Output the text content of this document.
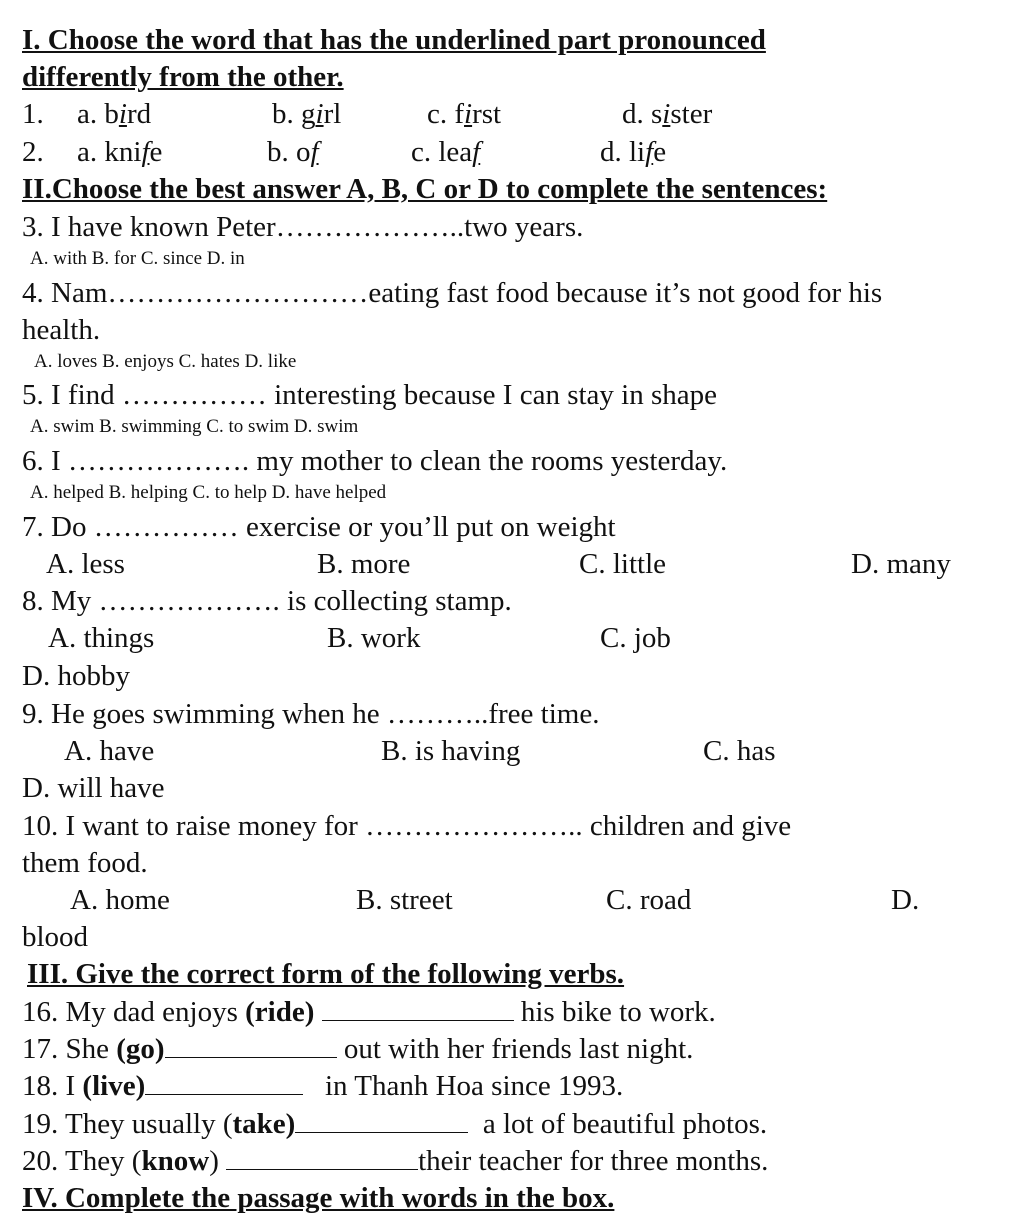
I. Choose the word that has the underlined part pronounced
differently from the other.
1. a. bird	b. girl	c. first	d. sister
2. a. knife	b. of	c. leaf	d. life
II.Choose the best answer A, B, C or D to complete the sentences:
3. I have known Peter………………..two years.
A. with B. for C. since D. in
4. Nam………………………eating fast food because it’s not good for his
health.
A. loves B. enjoys C. hates D. like
5. I find …………… interesting because I can stay in shape
A. swim B. swimming C. to swim D. swim
6. I ………………. my mother to clean the rooms yesterday.
A. helped B. helping C. to help D. have helped
7. Do …………… exercise or you’ll put on weight
A. less	B. more	C. little	D. many
8. My ………………. is collecting stamp.
A. things	B. work	C. job
D. hobby
9. He goes swimming when he ………..free time.
A. have	B. is having	C. has
D. will have
10. I want to raise money for ………………….. children and give
them food.
A. home	B. street	C. road	D.
blood
III. Give the correct form of the following verbs.
16. My dad enjoys (ride)	his bike to work.
17. She (go)	out with her friends last night.
18. I (live)	in Thanh Hoa since 1993.
19. They usually (take)	a lot of beautiful photos.
20. They (know)	their teacher for three months.
IV. Complete the passage with words in the box.
